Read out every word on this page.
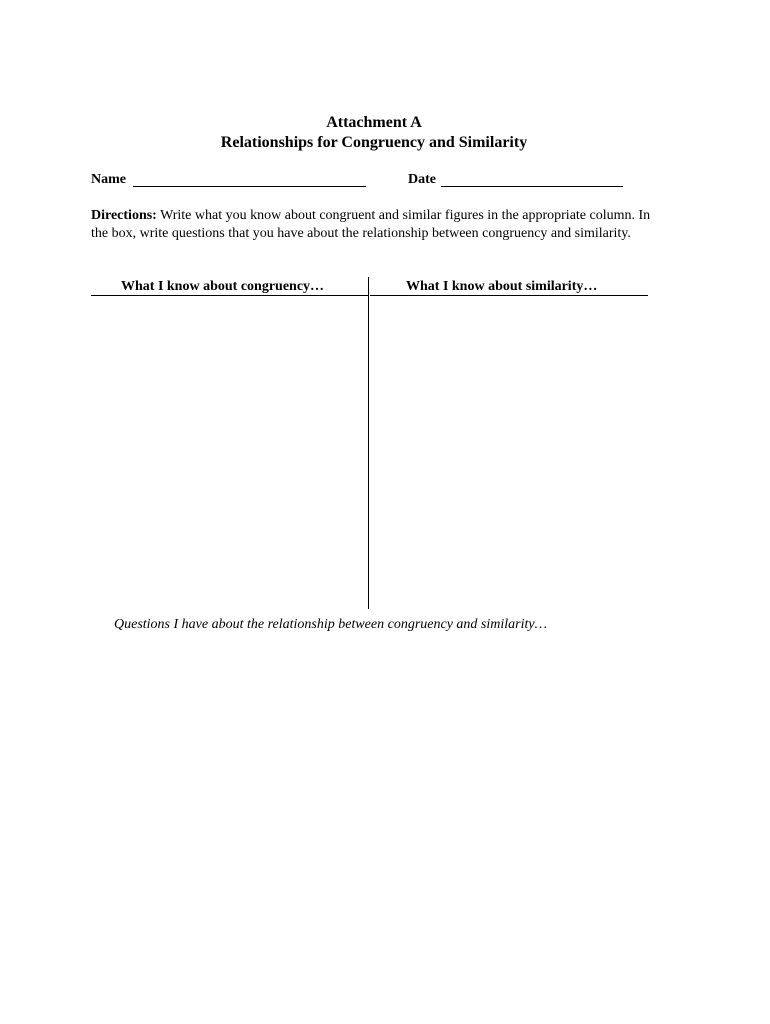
Attachment A
Relationships for Congruency and Similarity
Name	Date
Directions: Write what you know about congruent and similar figures in the appropriate column. In the box, write questions that you have about the relationship between congruency and similarity.
What I know about congruency…	What I know about similarity…
Questions I have about the relationship between congruency and similarity…
